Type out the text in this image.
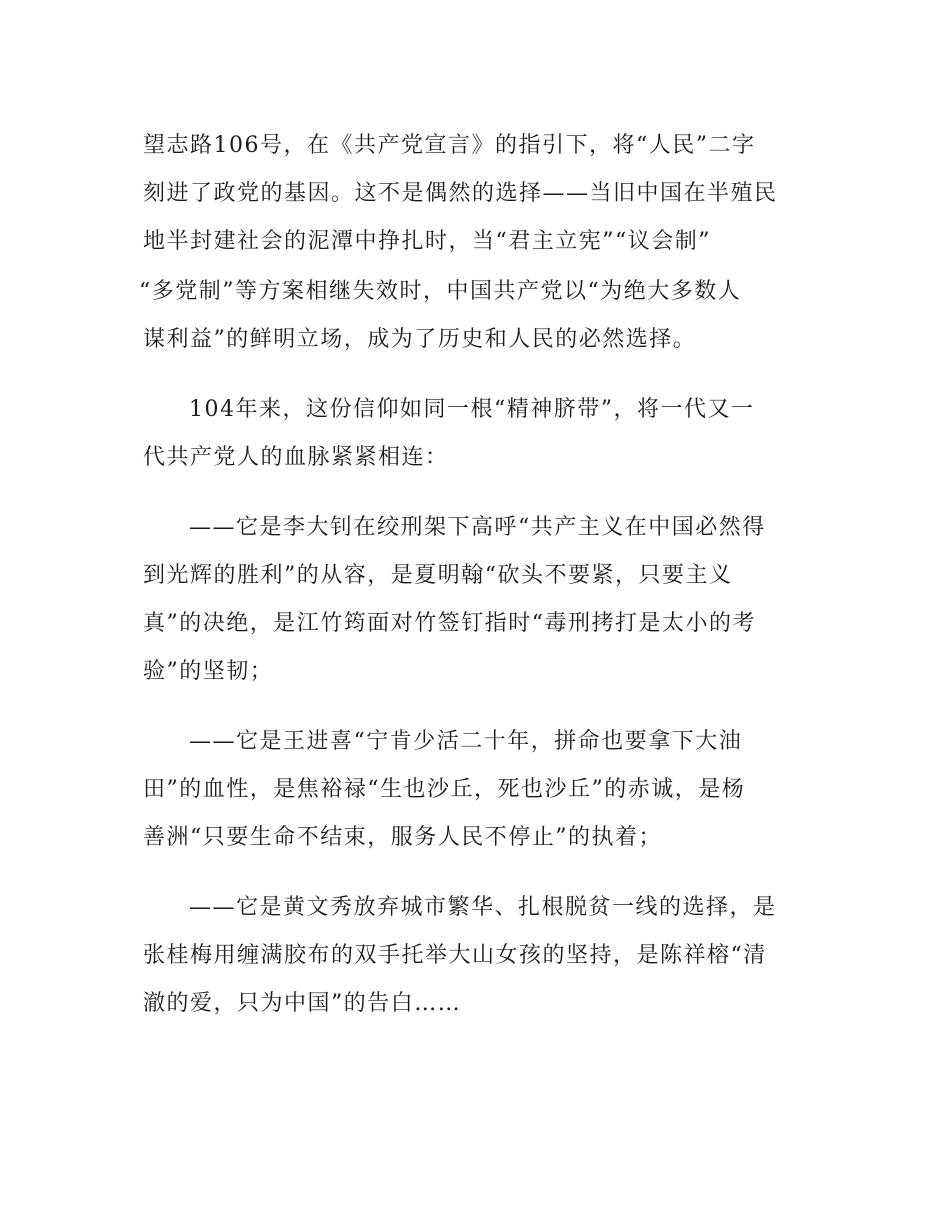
望志路106号，在《共产党宣言》的指引下，将“人民”二字
刻进了政党的基因。这不是偶然的选择——当旧中国在半殖民
地半封建社会的泥潭中挣扎时，当“君主立宪”“议会制”
“多党制”等方案相继失效时，中国共产党以“为绝大多数人
谋利益”的鲜明立场，成为了历史和人民的必然选择。
104年来，这份信仰如同一根“精神脐带”，将一代又一
代共产党人的血脉紧紧相连：
——它是李大钊在绞刑架下高呼“共产主义在中国必然得
到光辉的胜利”的从容，是夏明翰“砍头不要紧，只要主义
真”的决绝，是江竹筠面对竹签钉指时“毒刑拷打是太小的考
验”的坚韧；
——它是王进喜“宁肯少活二十年，拼命也要拿下大油
田”的血性，是焦裕禄“生也沙丘，死也沙丘”的赤诚，是杨
善洲“只要生命不结束，服务人民不停止”的执着；
——它是黄文秀放弃城市繁华、扎根脱贫一线的选择，是
张桂梅用缠满胶布的双手托举大山女孩的坚持，是陈祥榕“清
澈的爱，只为中国”的告白……
